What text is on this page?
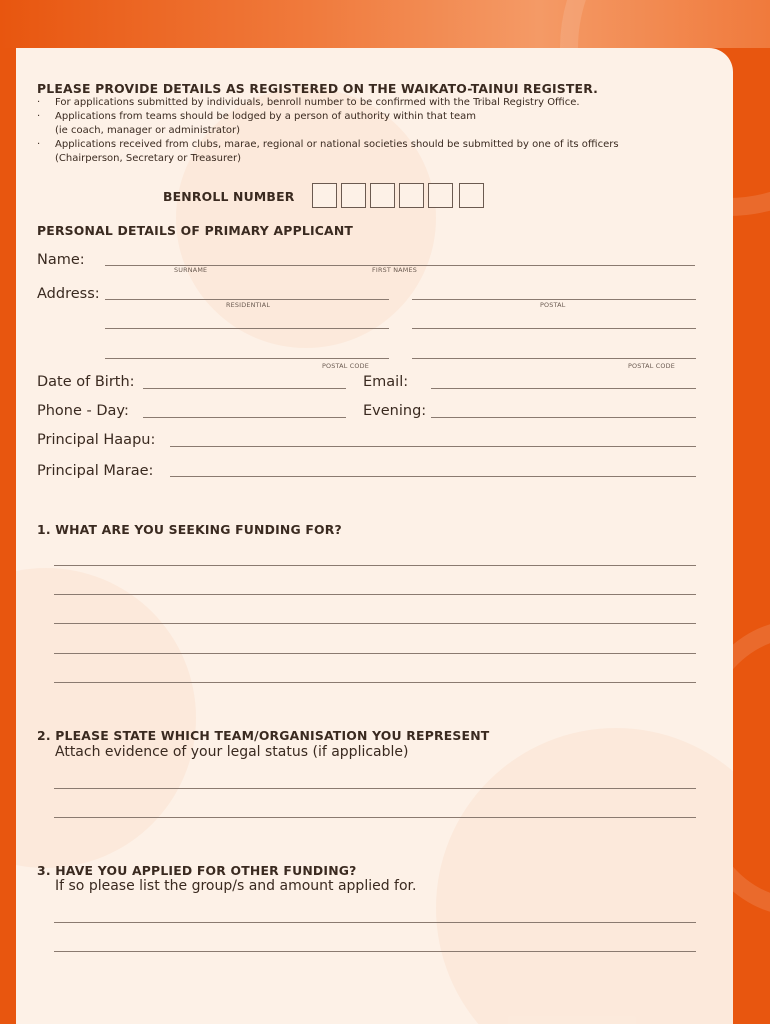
PLEASE PROVIDE DETAILS AS REGISTERED ON THE WAIKATO-TAINUI REGISTER.
· For applications submitted by individuals, benroll number to be confirmed with the Tribal Registry Office.
· Applications from teams should be lodged by a person of authority within that team
(ie coach, manager or administrator)
· Applications received from clubs, marae, regional or national societies should be submitted by one of its officers
(Chairperson, Secretary or Treasurer)
BENROLL NUMBER
PERSONAL DETAILS OF PRIMARY APPLICANT
Name:
SURNAME	FIRST NAMES
Address:
RESIDENTIAL	POSTAL
POSTAL CODE	POSTAL CODE
Date of Birth:	Email:
Phone - Day:	Evening:
Principal Haapu:
Principal Marae:
1. WHAT ARE YOU SEEKING FUNDING FOR?
2. PLEASE STATE WHICH TEAM/ORGANISATION YOU REPRESENT
Attach evidence of your legal status (if applicable)
3. HAVE YOU APPLIED FOR OTHER FUNDING?
If so please list the group/s and amount applied for.
